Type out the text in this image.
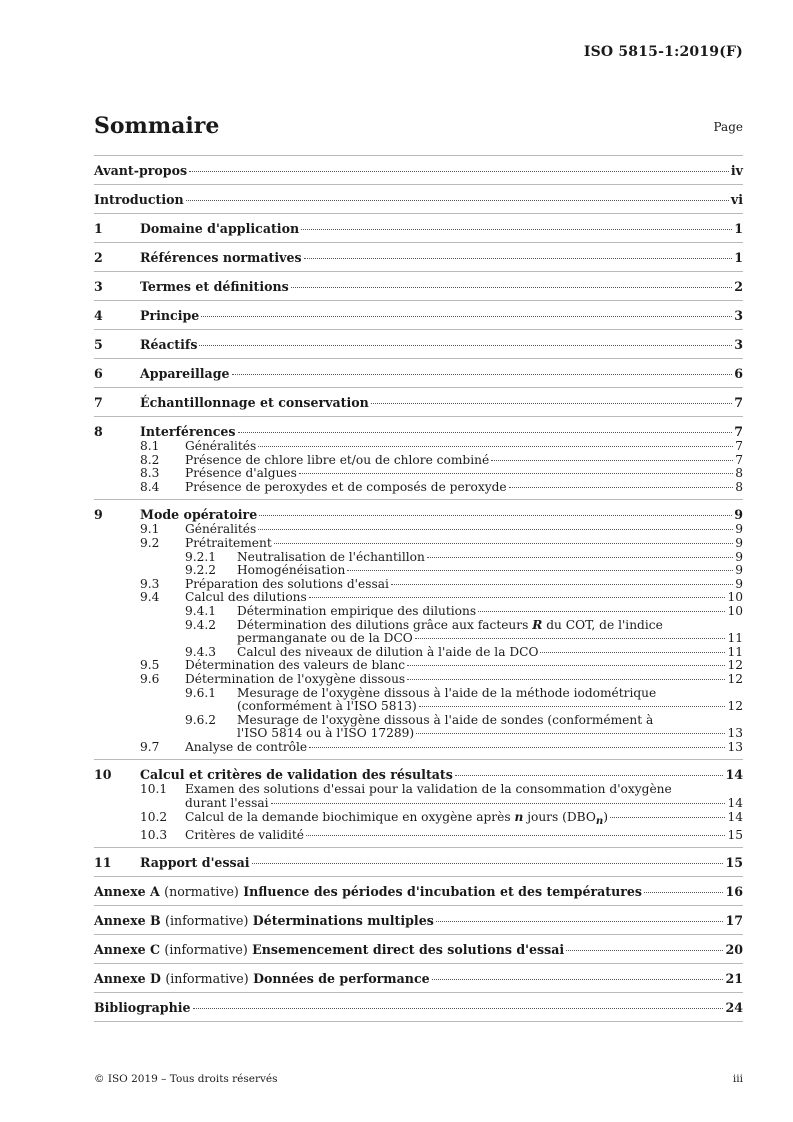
ISO 5815-1:2019(F)
Sommaire	Page
Avant-propos	iv
Introduction	vi
1	Domaine d'application	1
2	Références normatives	1
3	Termes et définitions	2
4	Principe	3
5	Réactifs	3
6	Appareillage	6
7	Échantillonnage et conservation	7
8	Interférences	7
8.1	Généralités	7
8.2	Présence de chlore libre et/ou de chlore combiné	7
8.3	Présence d'algues	8
8.4	Présence de peroxydes et de composés de peroxyde	8
9	Mode opératoire	9
9.1	Généralités	9
9.2	Prétraitement	9
9.2.1	Neutralisation de l'échantillon	9
9.2.2	Homogénéisation	9
9.3	Préparation des solutions d'essai	9
9.4	Calcul des dilutions	10
9.4.1	Détermination empirique des dilutions	10
9.4.2	Détermination des dilutions grâce aux facteurs R du COT, de l'indice
permanganate ou de la DCO	11
9.4.3	Calcul des niveaux de dilution à l'aide de la DCO	11
9.5	Détermination des valeurs de blanc	12
9.6	Détermination de l'oxygène dissous	12
9.6.1	Mesurage de l'oxygène dissous à l'aide de la méthode iodométrique
(conformément à l'ISO 5813)	12
9.6.2	Mesurage de l'oxygène dissous à l'aide de sondes (conformément à
l'ISO 5814 ou à l'ISO 17289)	13
9.7	Analyse de contrôle	13
10	Calcul et critères de validation des résultats	14
10.1	Examen des solutions d'essai pour la validation de la consommation d'oxygène
durant l'essai	14
10.2	Calcul de la demande biochimique en oxygène après n jours $(DBO_n)$	14
10.3	Critères de validité	15
11	Rapport d'essai	15
Annexe A (normative) Influence des périodes d'incubation et des températures	16
Annexe B (informative) Déterminations multiples	17
Annexe C (informative) Ensemencement direct des solutions d'essai	20
Annexe D (informative) Données de performance	21
Bibliographie	24
© ISO 2019 – Tous droits réservés	iii
